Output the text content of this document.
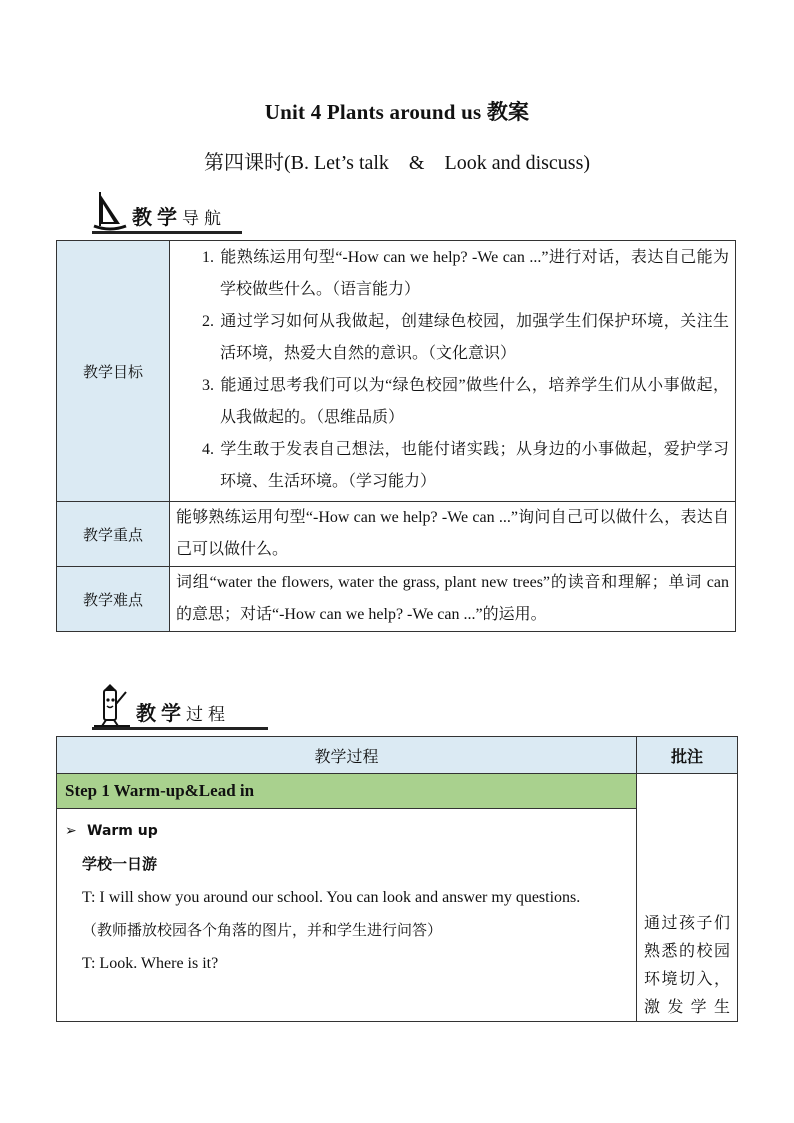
Unit 4 Plants around us 教案
第四课时(B. Let’s talk　&　Look and discuss)
教学导航
教学目标	1. 能熟练运用句型“-How can we help? -We can ...”进行对话，表达自己能为学校做些什么。（语言能力）
2. 通过学习如何从我做起，创建绿色校园，加强学生们保护环境，关注生活环境，热爱大自然的意识。（文化意识）
3. 能通过思考我们可以为“绿色校园”做些什么，培养学生们从小事做起，从我做起的。（思维品质）
4. 学生敢于发表自己想法，也能付诸实践；从身边的小事做起，爱护学习环境、生活环境。（学习能力）

教学重点	能够熟练运用句型“-How can we help? -We can ...”询问自己可以做什么，表达自己可以做什么。
教学难点	词组“water the flowers, water the grass, plant new trees”的读音和理解；单词 can 的意思；对话“-How can we help? -We can ...”的运用。
教学过程
教学过程	批注
Step 1 Warm-up&Lead in	通过孩子们熟悉的校园环境切入，激发学生

➢ Warm up
学校一日游
T: I will show you around our school. You can look and answer my questions.
（教师播放校园各个角落的图片，并和学生进行问答）
T: Look. Where is it?	
